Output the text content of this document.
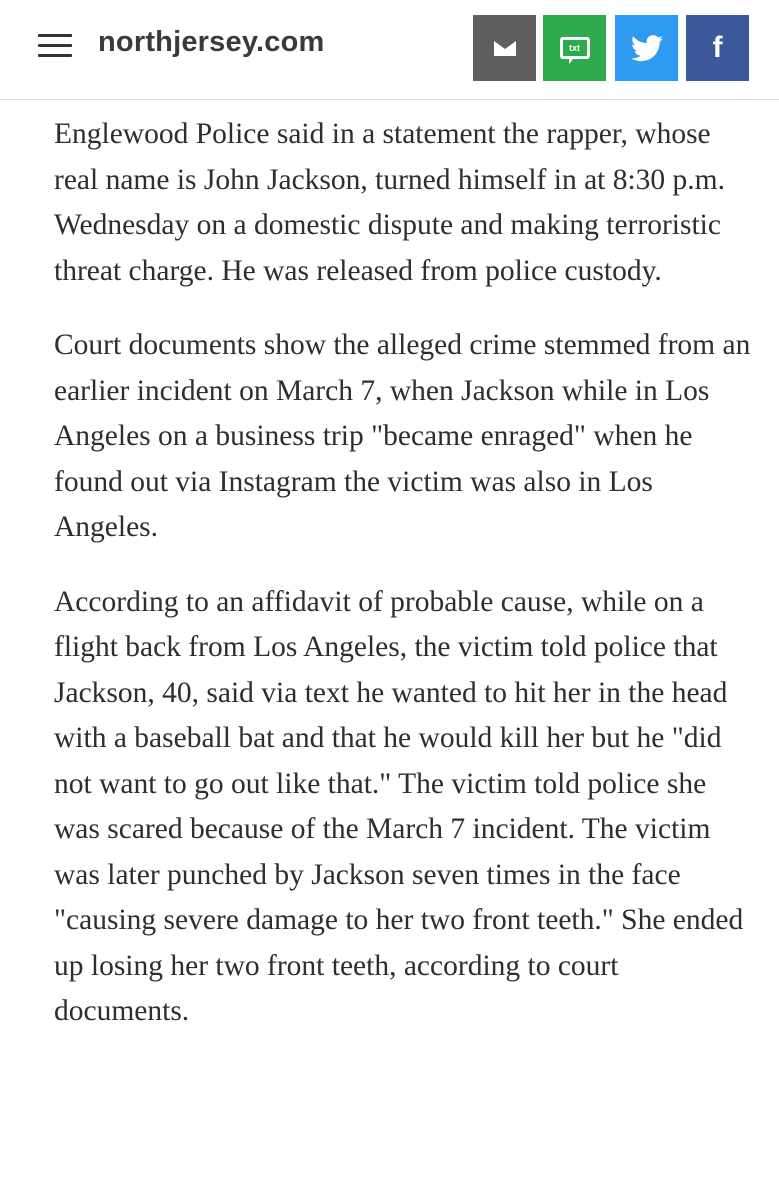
northjersey.com	txt	f

Englewood Police said in a statement the rapper, whose real name is John Jackson, turned himself in at 8:30 p.m. Wednesday on a domestic dispute and making terroristic threat charge. He was released from police custody.

Court documents show the alleged crime stemmed from an earlier incident on March 7, when Jackson while in Los Angeles on a business trip "became enraged" when he found out via Instagram the victim was also in Los Angeles.

According to an affidavit of probable cause, while on a flight back from Los Angeles, the victim told police that Jackson, 40, said via text he wanted to hit her in the head with a baseball bat and that he would kill her but he "did not want to go out like that." The victim told police she was scared because of the March 7 incident. The victim was later punched by Jackson seven times in the face "causing severe damage to her two front teeth." She ended up losing her two front teeth, according to court documents.
